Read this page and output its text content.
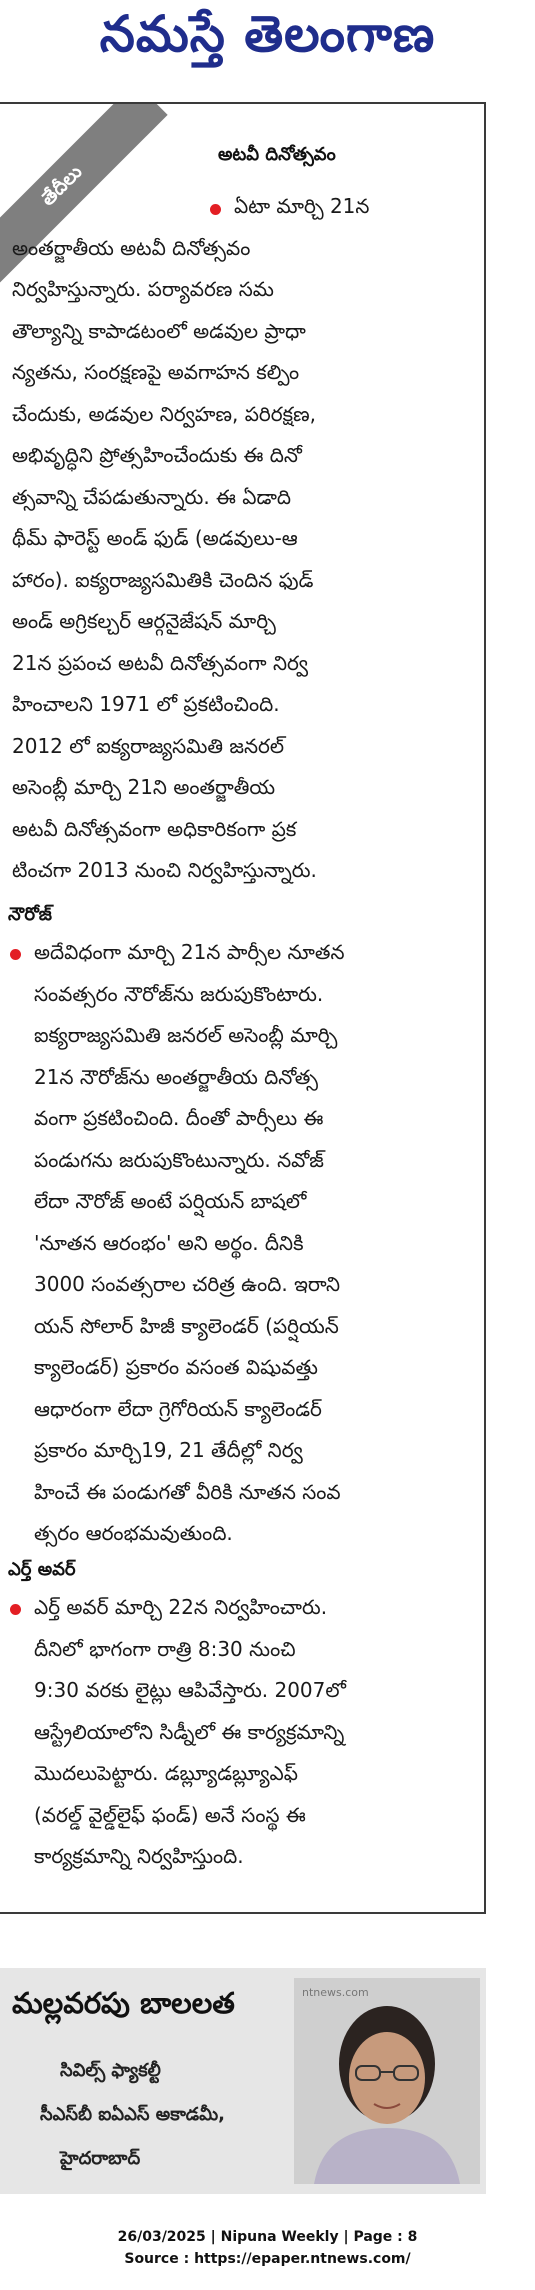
నమస్తే తెలంగాణ
తేదీలు
అటవీ దినోత్సవం
ఏటా మార్చి 21న
అంతర్జాతీయ అటవీ దినోత్సవం
నిర్వహిస్తున్నారు. పర్యావరణ సమ
తౌల్యాన్ని కాపాడటంలో అడవుల ప్రాధా
న్యతను, సంరక్షణపై అవగాహన కల్పిం
చేందుకు, అడవుల నిర్వహణ, పరిరక్షణ,
అభివృద్ధిని ప్రోత్సహించేందుకు ఈ దినో
త్సవాన్ని చేపడుతున్నారు. ఈ ఏడాది
థీమ్ ఫారెస్ట్ అండ్ ఫుడ్ (అడవులు-ఆ
హారం). ఐక్యరాజ్యసమితికి చెందిన ఫుడ్
అండ్ అగ్రికల్చర్ ఆర్గనైజేషన్ మార్చి
21న ప్రపంచ అటవీ దినోత్సవంగా నిర్వ
హించాలని 1971 లో ప్రకటించింది.
2012 లో ఐక్యరాజ్యసమితి జనరల్
అసెంబ్లీ మార్చి 21ని అంతర్జాతీయ
అటవీ దినోత్సవంగా అధికారికంగా ప్రక
టించగా 2013 నుంచి నిర్వహిస్తున్నారు.
నౌరోజ్
అదేవిధంగా మార్చి 21న పార్సీల నూతన
సంవత్సరం నౌరోజ్‌ను జరుపుకొంటారు.
ఐక్యరాజ్యసమితి జనరల్ అసెంబ్లీ మార్చి
21న నౌరోజ్‌ను అంతర్జాతీయ దినోత్స
వంగా ప్రకటించింది. దీంతో పార్సీలు ఈ
పండుగను జరుపుకొంటున్నారు. నవోజ్
లేదా నౌరోజ్ అంటే పర్షియన్ బాషలో
'నూతన ఆరంభం' అని అర్థం. దీనికి
3000 సంవత్సరాల చరిత్ర ఉంది. ఇరాని
యన్ సోలార్ హిజీ క్యాలెండర్ (పర్షియన్
క్యాలెండర్) ప్రకారం వసంత విషువత్తు
ఆధారంగా లేదా గ్రెగోరియన్ క్యాలెండర్
ప్రకారం మార్చి19, 21 తేదీల్లో నిర్వ
హించే ఈ పండుగతో వీరికి నూతన సంవ
త్సరం ఆరంభమవుతుంది.
ఎర్త్ అవర్
ఎర్త్ అవర్ మార్చి 22న నిర్వహించారు.
దీనిలో భాగంగా రాత్రి 8:30 నుంచి
9:30 వరకు లైట్లు ఆపివేస్తారు. 2007లో
ఆస్ట్రేలియాలోని సిడ్నీలో ఈ కార్యక్రమాన్ని
మొదలుపెట్టారు. డబ్ల్యూడబ్ల్యూఎఫ్
(వరల్డ్ వైల్డ్‌లైఫ్ ఫండ్) అనే సంస్థ ఈ
కార్యక్రమాన్ని నిర్వహిస్తుంది.
మల్లవరపు బాలలత
సివిల్స్ ఫ్యాకల్టీ
సీఎస్‌బీ ఐఏఎస్ అకాడమీ,
హైదరాబాద్
ntnews.com
26/03/2025 | Nipuna Weekly | Page : 8
Source : https://epaper.ntnews.com/
